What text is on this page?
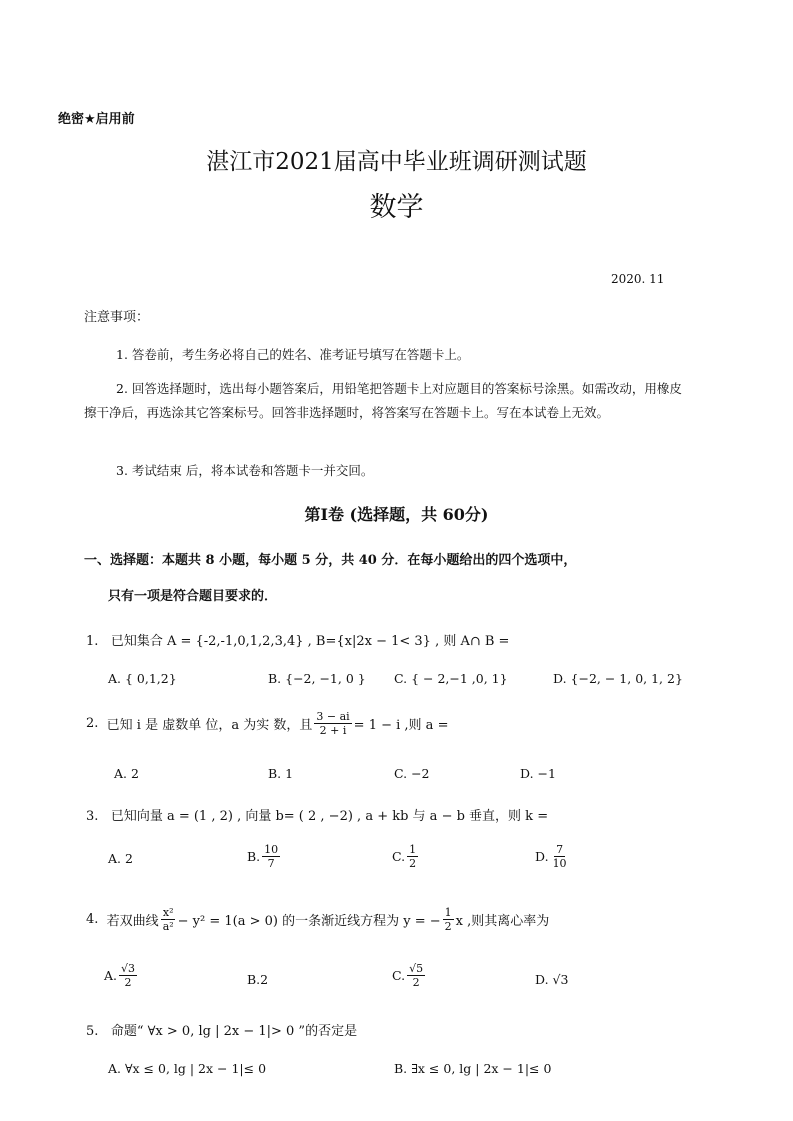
绝密★启用前
湛江市2021届高中毕业班调研测试题
数学
2020. 11
注意事项：
1. 答卷前，考生务必将自己的姓名、准考证号填写在答题卡上。
2. 回答选择题时，选出每小题答案后，用铅笔把答题卡上对应题目的答案标号涂黑。如需改动，用橡皮擦干净后，再选涂其它答案标号。回答非选择题时，将答案写在答题卡上。写在本试卷上无效。
3. 考试结束 后，将本试卷和答题卡一并交回。
第Ⅰ卷 (选择题，共 60分)
一、选择题：本题共 8 小题，每小题 5 分，共 40 分．在每小题给出的四个选项中，
只有一项是符合题目要求的．
1. 已知集合 A = {-2,-1,0,1,2,3,4} , B={x|2x − 1< 3} , 则 A∩ B =
A. { 0,1,2}	B. {−2, −1, 0 } C. { − 2,−1 ,0, 1}	D. {−2, − 1, 0, 1, 2}
2.
已知 i 是 虚数单 位，a 为实 数，且 $\frac{3 - ai}{2 + i} = 1 - i$ ,则 a =
A. 2	B. 1	C. −2	D. −1
3. 已知向量 a = (1 , 2) , 向量 b= ( 2 , −2) , a + kb 与 a − b 垂直，则 k =
A. 2	B. $\frac{10}{7}$	C. $\frac{1}{2}$	D. $\frac{7}{10}$
4.
若双曲线 $\frac{\text{x²}}{\text{a²}} - y^2 = 1(a > 0)$ 的一条渐近线方程为 y = − $\frac{1}{2}$ x ,则其离心率为
A. $\frac{√3}{2}$	B.2	C. $\frac{√5}{2}$	D. √3
5. 命题“ ∀x > 0, lg | 2x − 1|> 0 ”的否定是
A. ∀x ≤ 0, lg | 2x − 1|≤ 0	B. ∃x ≤ 0, lg | 2x − 1|≤ 0
